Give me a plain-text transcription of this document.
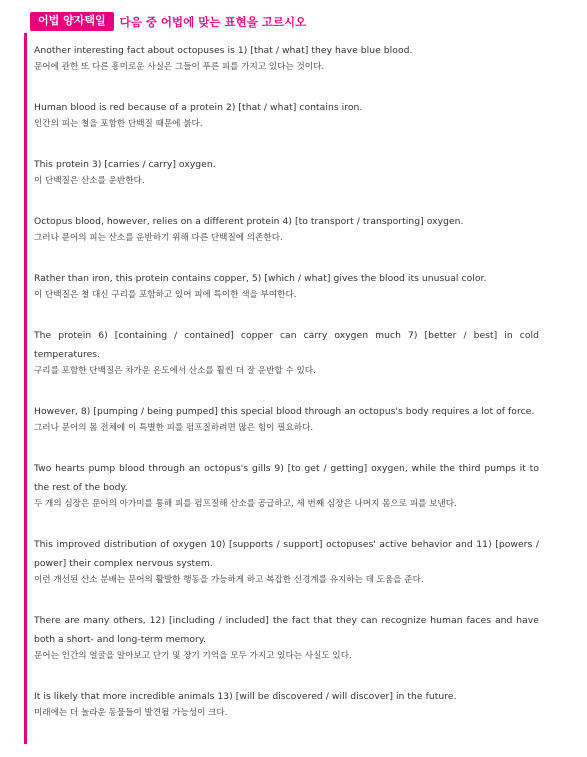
어법 양자택일	다음 중 어법에 맞는 표현을 고르시오

Another interesting fact about octopuses is 1) [that / what] they have blue blood.

문어에 관한 또 다른 흥미로운 사실은 그들이 푸른 피를 가지고 있다는 것이다.

Human blood is red because of a protein 2) [that / what] contains iron.

인간의 피는 철을 포함한 단백질 때문에 붉다.

This protein 3) [carries / carry] oxygen.

이 단백질은 산소를 운반한다.

Octopus blood, however, relies on a different protein 4) [to transport / transporting] oxygen.

그러나 문어의 피는 산소를 운반하기 위해 다른 단백질에 의존한다.

Rather than iron, this protein contains copper, 5) [which / what] gives the blood its unusual color.

이 단백질은 철 대신 구리를 포함하고 있어 피에 특이한 색을 부여한다.

The protein 6) [containing / contained] copper can carry oxygen much 7) [better / best] in cold temperatures.

구리를 포함한 단백질은 차가운 온도에서 산소를 훨씬 더 잘 운반할 수 있다.

However, 8) [pumping / being pumped] this special blood through an octopus's body requires a lot of force.

그러나 문어의 몸 전체에 이 특별한 피를 펌프질하려면 많은 힘이 필요하다.

Two hearts pump blood through an octopus's gills 9) [to get / getting] oxygen, while the third pumps it to the rest of the body.

두 개의 심장은 문어의 아가미를 통해 피를 펌프질해 산소를 공급하고, 세 번째 심장은 나머지 몸으로 피를 보낸다.

This improved distribution of oxygen 10) [supports / support] octopuses' active behavior and 11) [powers / power] their complex nervous system.

이런 개선된 산소 분배는 문어의 활발한 행동을 가능하게 하고 복잡한 신경계를 유지하는 데 도움을 준다.

There are many others, 12) [including / included] the fact that they can recognize human faces and have both a short- and long-term memory.

문어는 인간의 얼굴을 알아보고 단기 및 장기 기억을 모두 가지고 있다는 사실도 있다.

It is likely that more incredible animals 13) [will be discovered / will discover] in the future.

미래에는 더 놀라운 동물들이 발견될 가능성이 크다.
